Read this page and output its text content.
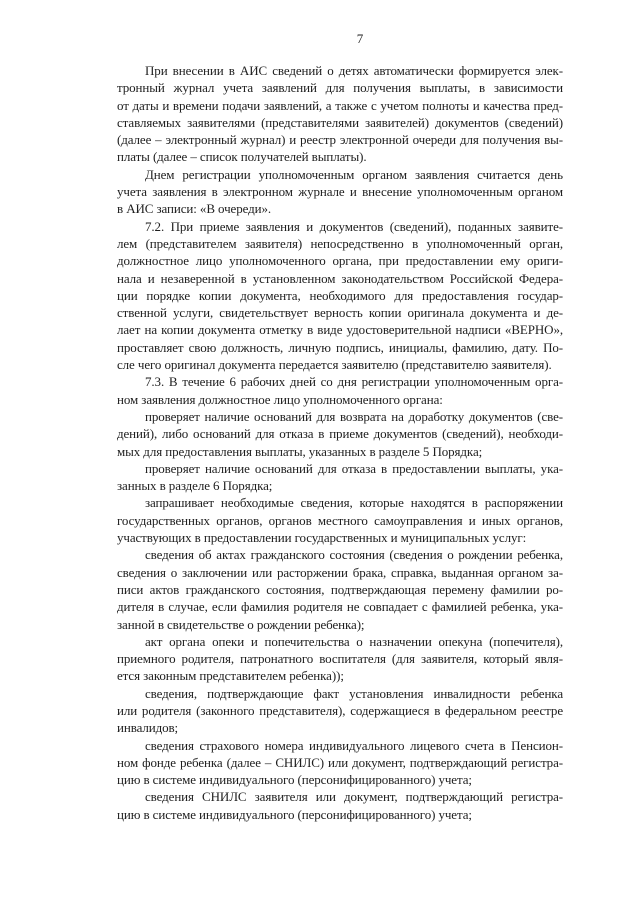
7
При внесении в АИС сведений о детях автоматически формируется элек-
тронный журнал учета заявлений для получения выплаты, в зависимости
от даты и времени подачи заявлений, а также с учетом полноты и качества пред-
ставляемых заявителями (представителями заявителей) документов (сведений)
(далее – электронный журнал) и реестр электронной очереди для получения вы-
платы (далее – список получателей выплаты).
Днем регистрации уполномоченным органом заявления считается день
учета заявления в электронном журнале и внесение уполномоченным органом
в АИС записи: «В очереди».
7.2. При приеме заявления и документов (сведений), поданных заявите-
лем (представителем заявителя) непосредственно в уполномоченный орган,
должностное лицо уполномоченного органа, при предоставлении ему ориги-
нала и незаверенной в установленном законодательством Российской Федера-
ции порядке копии документа, необходимого для предоставления государ-
ственной услуги, свидетельствует верность копии оригинала документа и де-
лает на копии документа отметку в виде удостоверительной надписи «ВЕРНО»,
проставляет свою должность, личную подпись, инициалы, фамилию, дату. По-
сле чего оригинал документа передается заявителю (представителю заявителя).
7.3. В течение 6 рабочих дней со дня регистрации уполномоченным орга-
ном заявления должностное лицо уполномоченного органа:
проверяет наличие оснований для возврата на доработку документов (све-
дений), либо оснований для отказа в приеме документов (сведений), необходи-
мых для предоставления выплаты, указанных в разделе 5 Порядка;
проверяет наличие оснований для отказа в предоставлении выплаты, ука-
занных в разделе 6 Порядка;
запрашивает необходимые сведения, которые находятся в распоряжении
государственных органов, органов местного самоуправления и иных органов,
участвующих в предоставлении государственных и муниципальных услуг:
сведения об актах гражданского состояния (сведения о рождении ребенка,
сведения о заключении или расторжении брака, справка, выданная органом за-
писи актов гражданского состояния, подтверждающая перемену фамилии ро-
дителя в случае, если фамилия родителя не совпадает с фамилией ребенка, ука-
занной в свидетельстве о рождении ребенка);
акт органа опеки и попечительства о назначении опекуна (попечителя),
приемного родителя, патронатного воспитателя (для заявителя, который явля-
ется законным представителем ребенка));
сведения, подтверждающие факт установления инвалидности ребенка
или родителя (законного представителя), содержащиеся в федеральном реестре
инвалидов;
сведения страхового номера индивидуального лицевого счета в Пенсион-
ном фонде ребенка (далее – СНИЛС) или документ, подтверждающий регистра-
цию в системе индивидуального (персонифицированного) учета;
сведения СНИЛС заявителя или документ, подтверждающий регистра-
цию в системе индивидуального (персонифицированного) учета;
